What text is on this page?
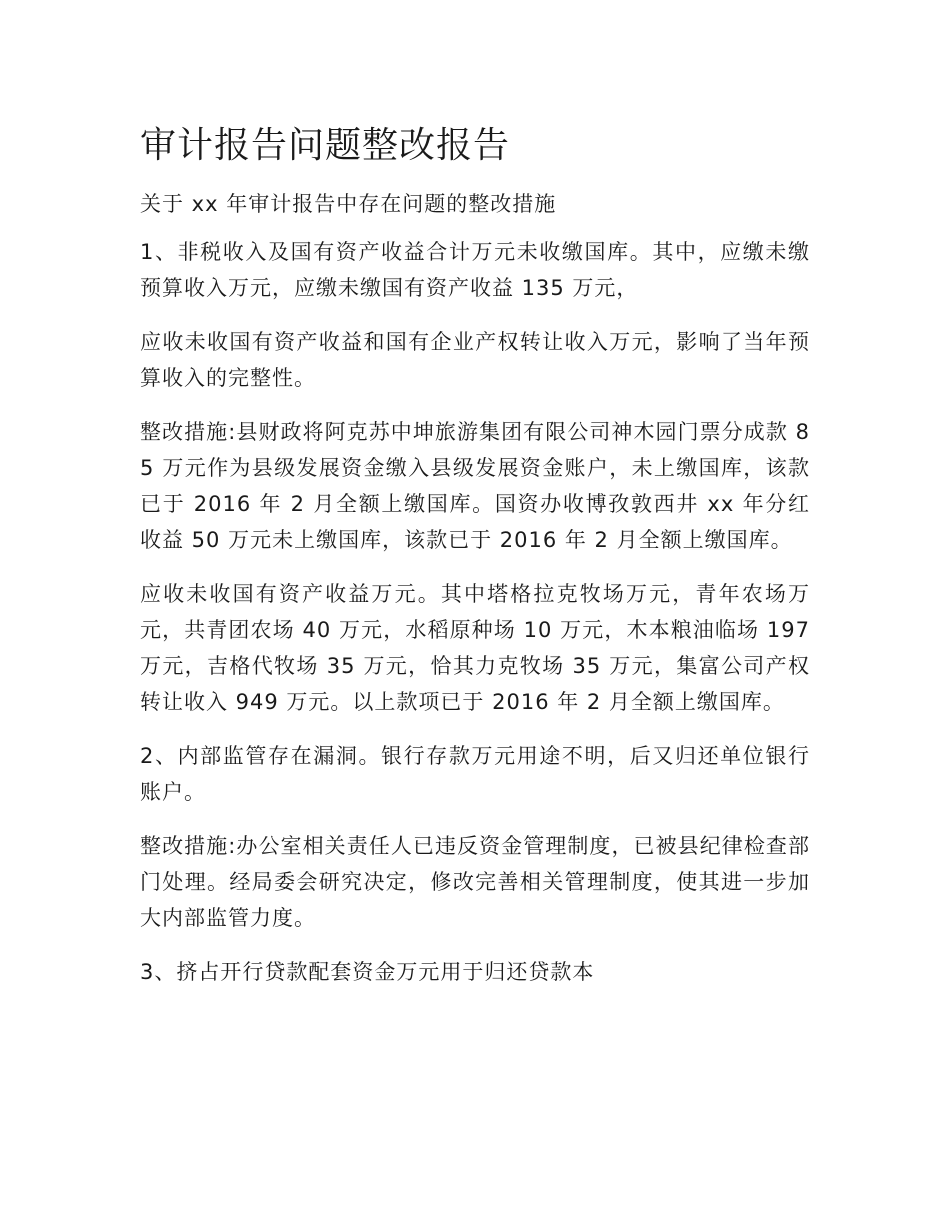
审计报告问题整改报告

关于 xx 年审计报告中存在问题的整改措施

1、非税收入及国有资产收益合计万元未收缴国库。其中，应缴未缴预算收入万元，应缴未缴国有资产收益 135 万元，

应收未收国有资产收益和国有企业产权转让收入万元，影响了当年预算收入的完整性。

整改措施:县财政将阿克苏中坤旅游集团有限公司神木园门票分成款 85 万元作为县级发展资金缴入县级发展资金账户，未上缴国库，该款已于 2016 年 2 月全额上缴国库。国资办收博孜敦西井 xx 年分红收益 50 万元未上缴国库，该款已于 2016 年 2 月全额上缴国库。

应收未收国有资产收益万元。其中塔格拉克牧场万元，青年农场万元，共青团农场 40 万元，水稻原种场 10 万元，木本粮油临场 197 万元，吉格代牧场 35 万元，恰其力克牧场 35 万元，集富公司产权转让收入 949 万元。以上款项已于 2016 年 2 月全额上缴国库。

2、内部监管存在漏洞。银行存款万元用途不明，后又归还单位银行账户。

整改措施:办公室相关责任人已违反资金管理制度，已被县纪律检查部门处理。经局委会研究决定，修改完善相关管理制度，使其进一步加大内部监管力度。

3、挤占开行贷款配套资金万元用于归还贷款本
